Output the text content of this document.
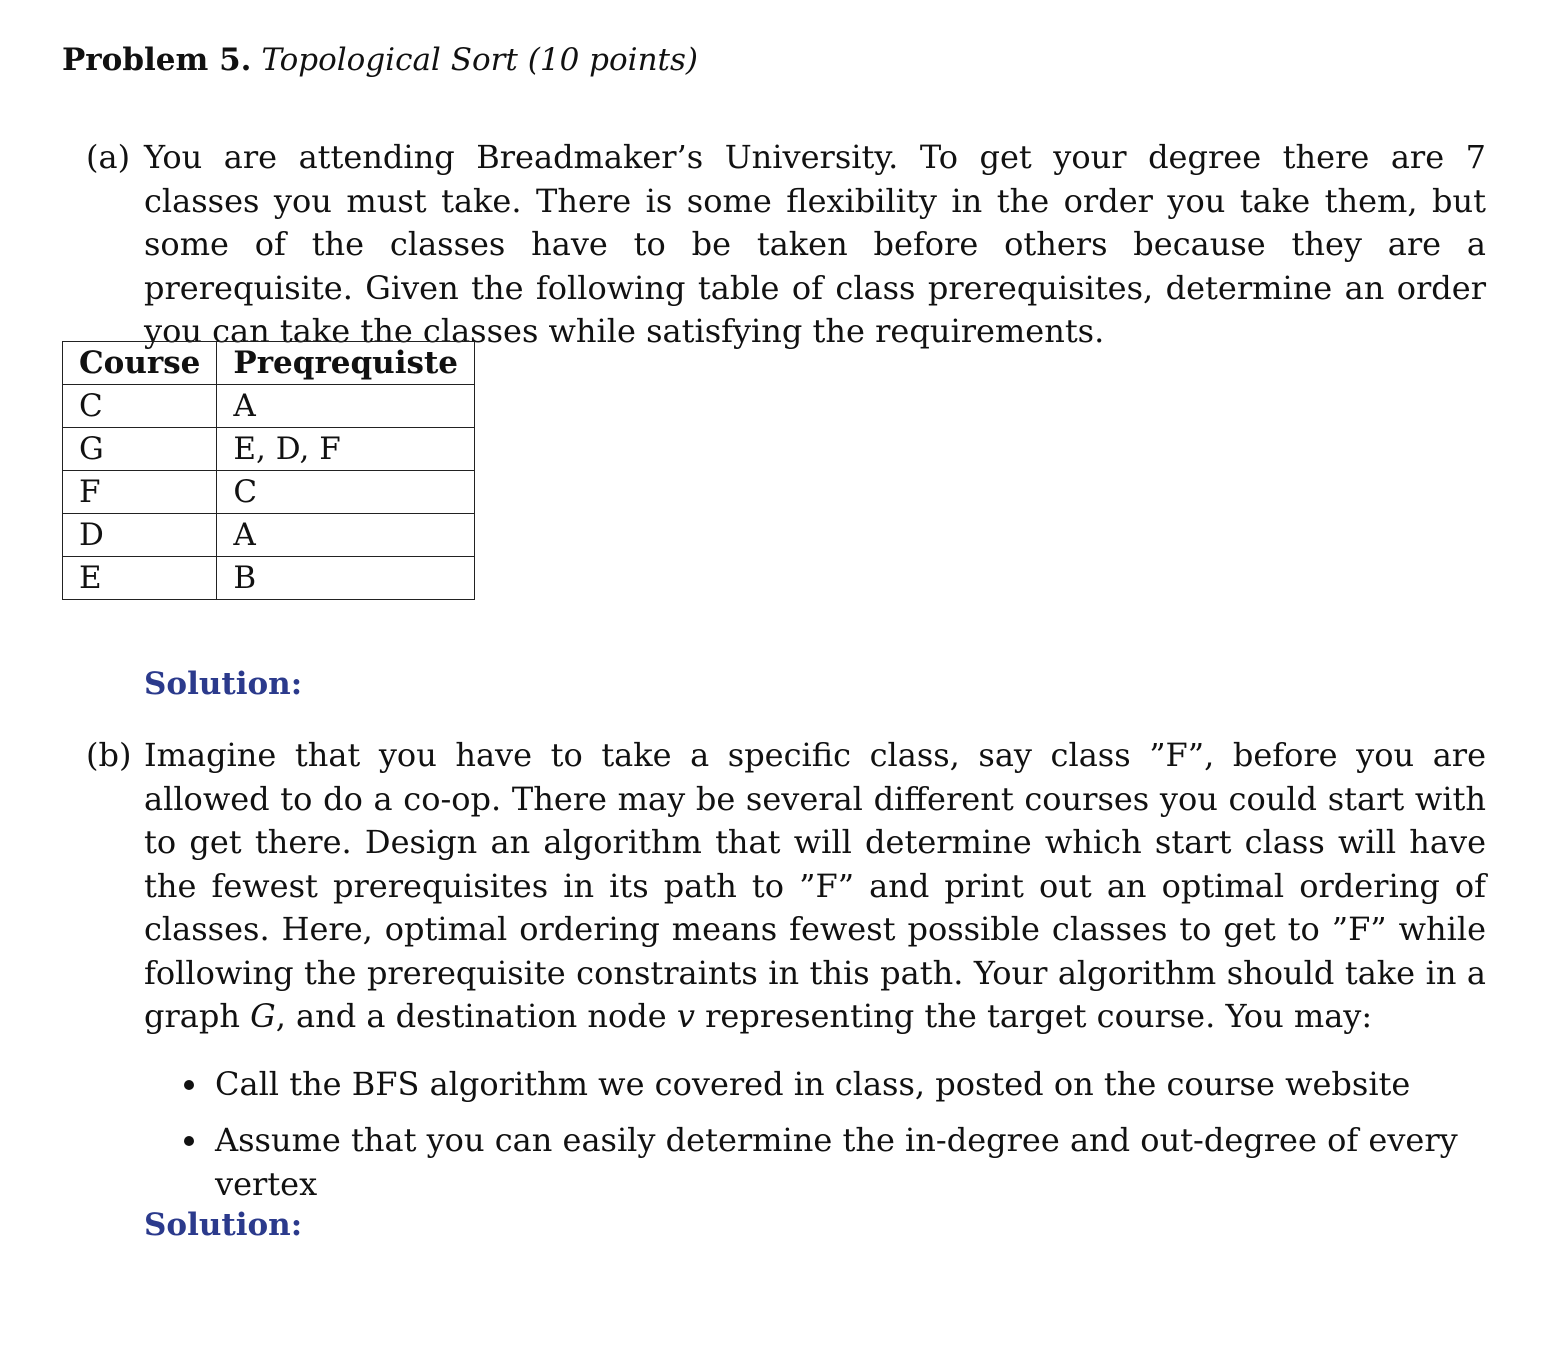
Problem 5. Topological Sort (10 points)
(a) You are attending Breadmaker’s University. To get your degree there are 7 classes you must take. There is some flexibility in the order you take them, but some of the classes have to be taken before others because they are a prerequisite. Given the following table of class prerequisites, determine an order you can take the classes while satisfying the requirements.
Course	Preqrequiste
C	A
G	E, D, F
F	C
D	A
E	B
Solution:
(b) Imagine that you have to take a specific class, say class ”F”, before you are allowed to do a co-op. There may be several different courses you could start with to get there. Design an algorithm that will determine which start class will have the fewest prerequisites in its path to ”F” and print out an optimal ordering of classes. Here, optimal ordering means fewest possible classes to get to ”F” while following the prerequisite constraints in this path. Your algorithm should take in a graph G, and a destination node v representing the target course. You may:
Call the BFS algorithm we covered in class, posted on the course website
Assume that you can easily determine the in-degree and out-degree of every vertex
Solution:
